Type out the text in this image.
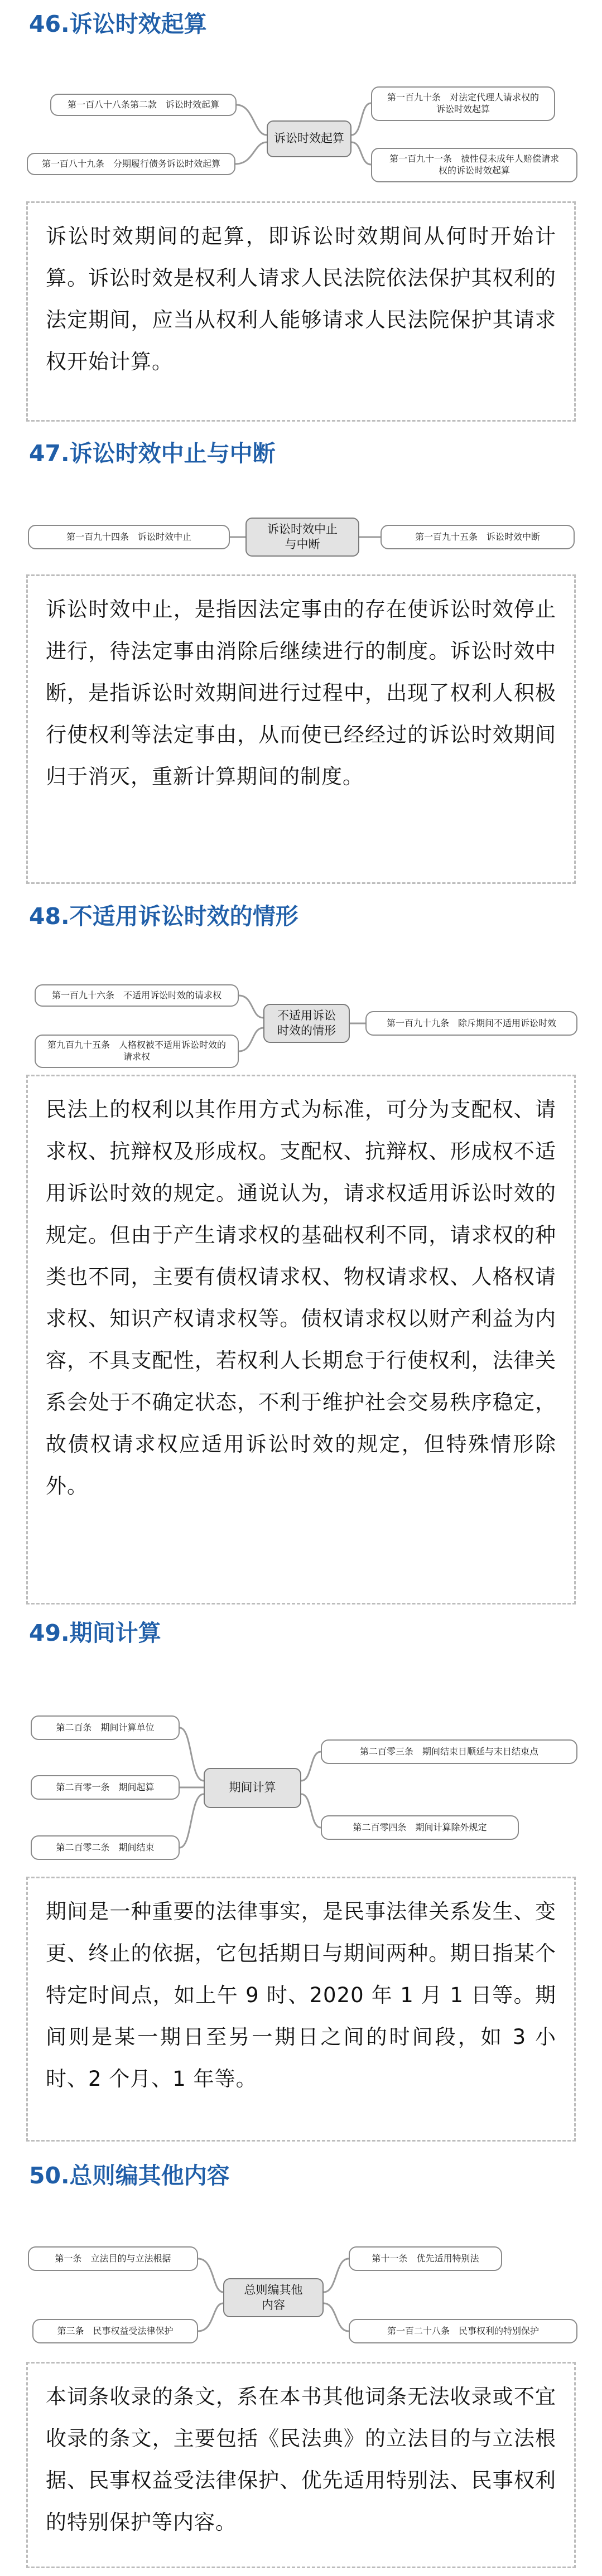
46.诉讼时效起算
第一百八十八条第二款　诉讼时效起算
第一百八十九条　分期履行债务诉讼时效起算
诉讼时效起算
第一百九十条　对法定代理人请求权的
诉讼时效起算
第一百九十一条　被性侵未成年人赔偿请求
权的诉讼时效起算
诉讼时效期间的起算，即诉讼时效期间从何时开始计算。诉讼时效是权利人请求人民法院依法保护其权利的法定期间，应当从权利人能够请求人民法院保护其请求权开始计算。
47.诉讼时效中止与中断
第一百九十四条　诉讼时效中止
诉讼时效中止
与中断
第一百九十五条　诉讼时效中断
诉讼时效中止，是指因法定事由的存在使诉讼时效停止进行，待法定事由消除后继续进行的制度。诉讼时效中断，是指诉讼时效期间进行过程中，出现了权利人积极行使权利等法定事由，从而使已经经过的诉讼时效期间归于消灭，重新计算期间的制度。
48.不适用诉讼时效的情形
第一百九十六条　不适用诉讼时效的请求权
第九百九十五条　人格权被不适用诉讼时效的
请求权
不适用诉讼
时效的情形
第一百九十九条　除斥期间不适用诉讼时效
民法上的权利以其作用方式为标准，可分为支配权、请求权、抗辩权及形成权。支配权、抗辩权、形成权不适用诉讼时效的规定。通说认为，请求权适用诉讼时效的规定。但由于产生请求权的基础权利不同，请求权的种类也不同，主要有债权请求权、物权请求权、人格权请求权、知识产权请求权等。债权请求权以财产利益为内容，不具支配性，若权利人长期怠于行使权利，法律关系会处于不确定状态，不利于维护社会交易秩序稳定，故债权请求权应适用诉讼时效的规定，但特殊情形除外。
49.期间计算
第二百条　期间计算单位
第二百零一条　期间起算
第二百零二条　期间结束
期间计算
第二百零三条　期间结束日顺延与末日结束点
第二百零四条　期间计算除外规定
期间是一种重要的法律事实，是民事法律关系发生、变更、终止的依据，它包括期日与期间两种。期日指某个特定时间点，如上午 9 时、2020 年 1 月 1 日等。期间则是某一期日至另一期日之间的时间段，如 3 小时、2 个月、1 年等。
50.总则编其他内容
第一条　立法目的与立法根据
第三条　民事权益受法律保护
总则编其他
内容
第十一条　优先适用特别法
第一百二十八条　民事权利的特别保护
本词条收录的条文，系在本书其他词条无法收录或不宜收录的条文，主要包括《民法典》的立法目的与立法根据、民事权益受法律保护、优先适用特别法、民事权利的特别保护等内容。
